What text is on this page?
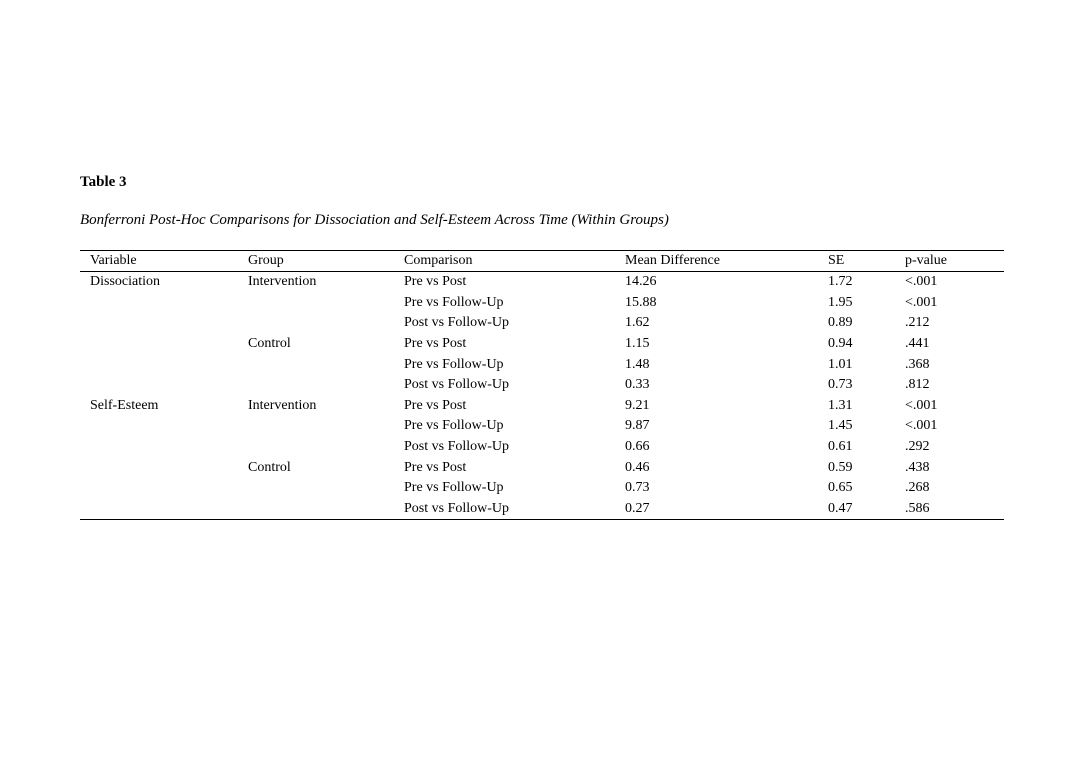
Table 3
Bonferroni Post-Hoc Comparisons for Dissociation and Self-Esteem Across Time (Within Groups)
Variable	Group	Comparison	Mean Difference	SE	p-value
Dissociation	Intervention	Pre vs Post	14.26	1.72	<.001
		Pre vs Follow-Up	15.88	1.95	<.001
		Post vs Follow-Up	1.62	0.89	.212
	Control	Pre vs Post	1.15	0.94	.441
		Pre vs Follow-Up	1.48	1.01	.368
		Post vs Follow-Up	0.33	0.73	.812
Self-Esteem	Intervention	Pre vs Post	9.21	1.31	<.001
		Pre vs Follow-Up	9.87	1.45	<.001
		Post vs Follow-Up	0.66	0.61	.292
	Control	Pre vs Post	0.46	0.59	.438
		Pre vs Follow-Up	0.73	0.65	.268
		Post vs Follow-Up	0.27	0.47	.586
